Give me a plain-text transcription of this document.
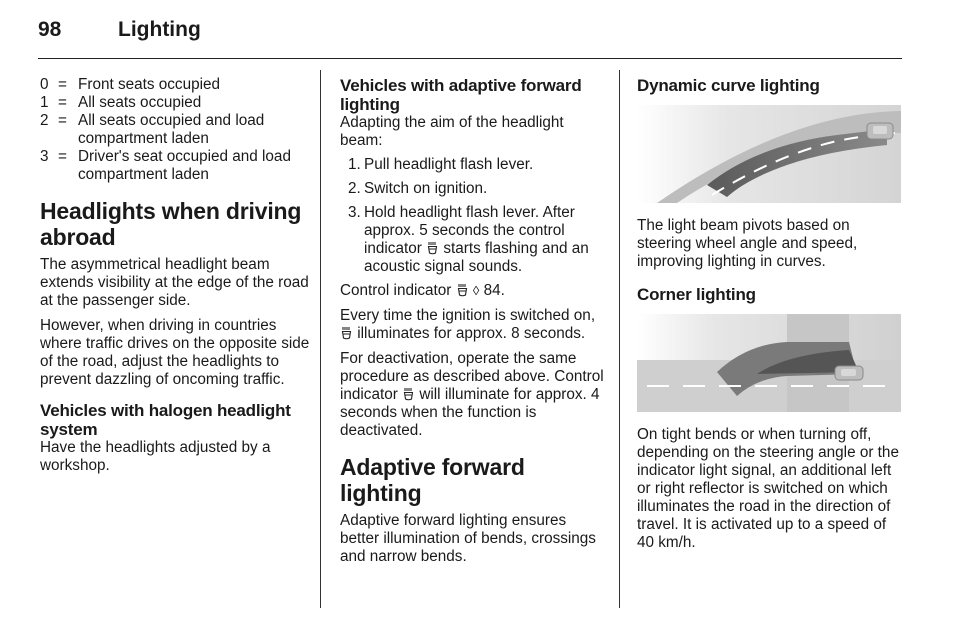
98	Lighting
0 = Front seats occupied
1 = All seats occupied
2 = All seats occupied and load compartment laden
3 = Driver's seat occupied and load compartment laden
Headlights when driving abroad

The asymmetrical headlight beam extends visibility at the edge of the road at the passenger side.

However, when driving in countries where traffic drives on the opposite side of the road, adjust the headlights to prevent dazzling of oncoming traffic.

Vehicles with halogen headlight system

Have the headlights adjusted by a workshop.

Vehicles with adaptive forward lighting

Adapting the aim of the headlight beam:

1. Pull headlight flash lever.
2. Switch on ignition.
3. Hold headlight flash lever. After approx. 5 seconds the control indicator starts flashing and an acoustic signal sounds.

Control indicator ◊ 84.

Every time the ignition is switched on,
illuminates for approx. 8 seconds.

For deactivation, operate the same procedure as described above. Control indicator will illuminate for approx. 4 seconds when the function is deactivated.

Adaptive forward lighting

Adaptive forward lighting ensures better illumination of bends, crossings and narrow bends.

Dynamic curve lighting

The light beam pivots based on steering wheel angle and speed, improving lighting in curves.

Corner lighting

On tight bends or when turning off, depending on the steering angle or the indicator light signal, an additional left or right reflector is switched on which illuminates the road in the direction of travel. It is activated up to a speed of 40 km/h.
